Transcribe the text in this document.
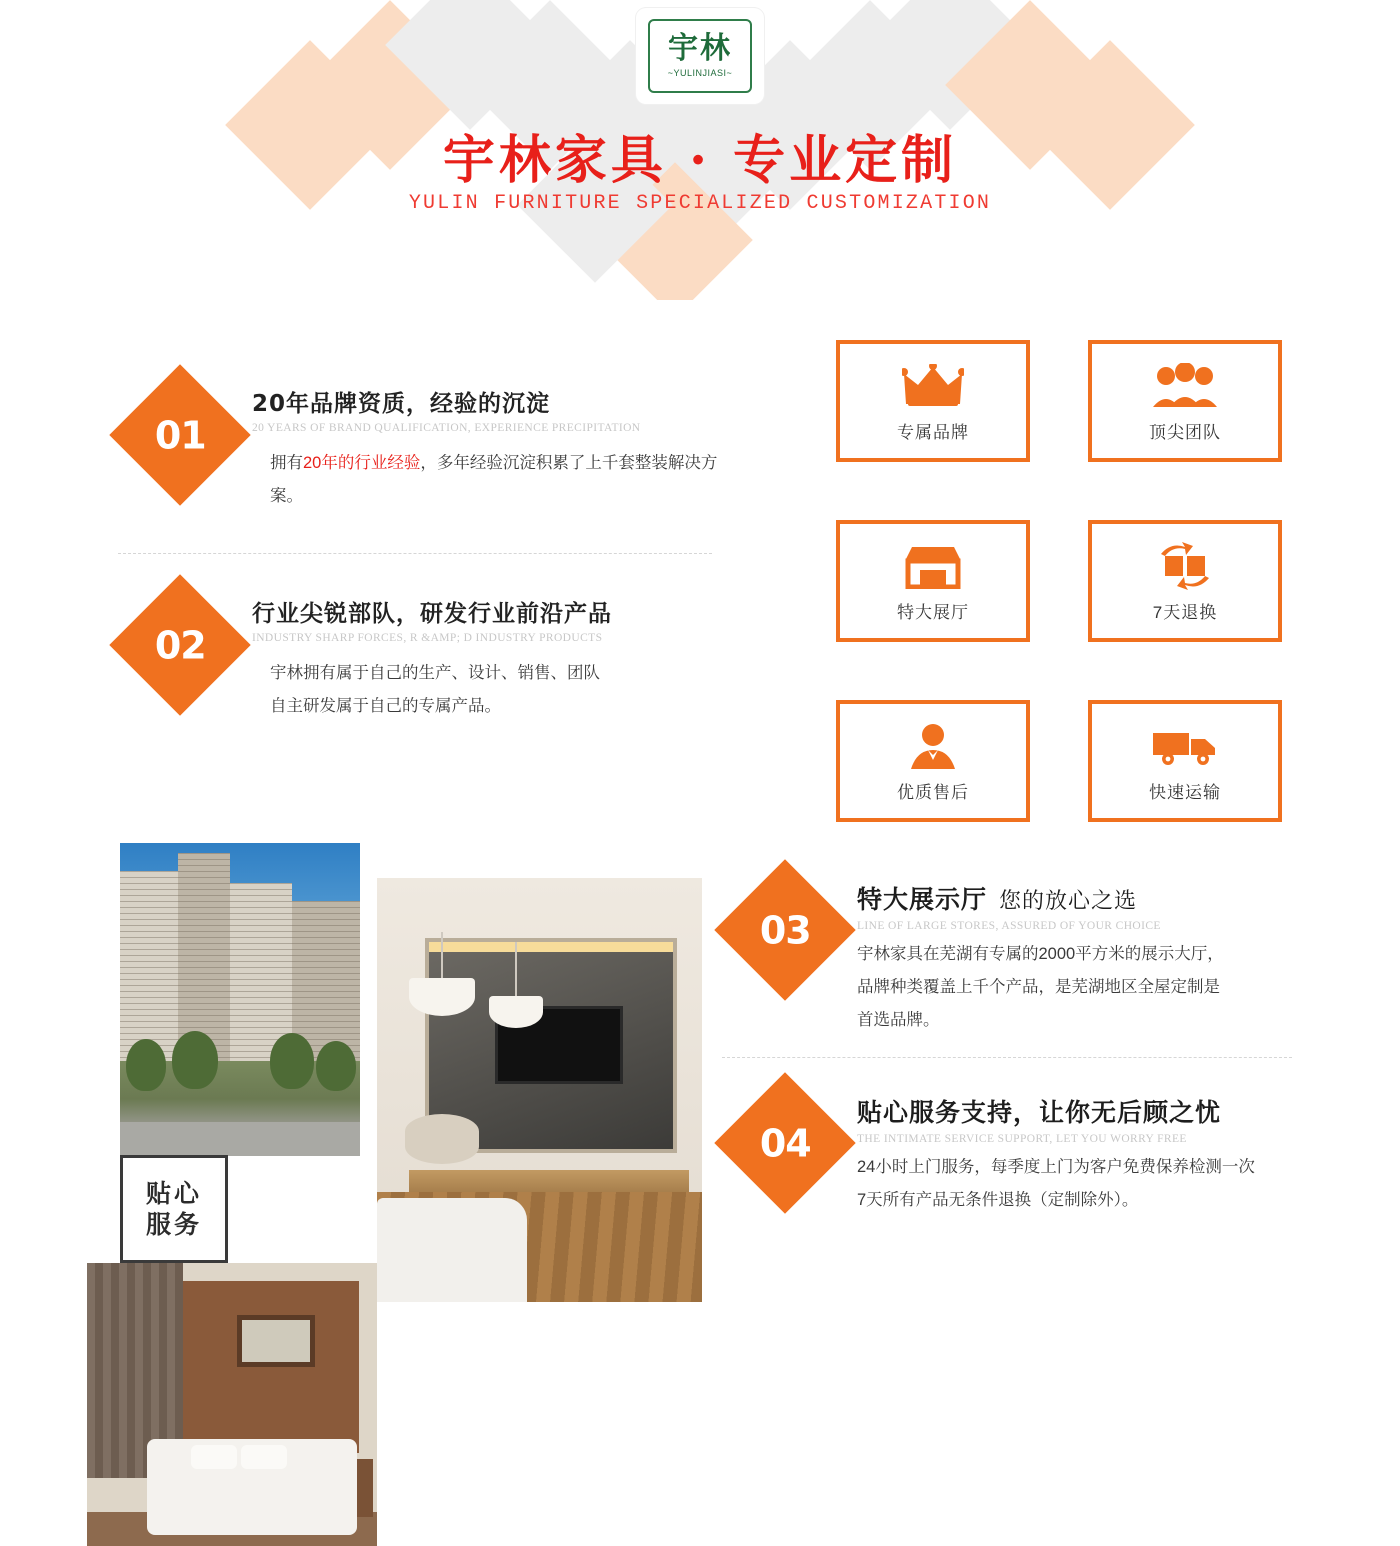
宇林
~YULINJIASI~
宇林家具 · 专业定制
YULIN FURNITURE SPECIALIZED CUSTOMIZATION
01
20年品牌资质，经验的沉淀
20 YEARS OF BRAND QUALIFICATION, EXPERIENCE PRECIPITATION
拥有20年的行业经验，多年经验沉淀积累了上千套整装解决方案。
02
行业尖锐部队，研发行业前沿产品
INDUSTRY SHARP FORCES, R &AMP; D INDUSTRY PRODUCTS
宇林拥有属于自己的生产、设计、销售、团队
自主研发属于自己的专属产品。
专属品牌	顶尖团队
特大展厅	7天退换
优质售后	快速运输
贴心
服务
03
特大展示厅 您的放心之选
LINE OF LARGE STORES, ASSURED OF YOUR CHOICE
宇林家具在芜湖有专属的2000平方米的展示大厅，
品牌种类覆盖上千个产品，是芜湖地区全屋定制是
首选品牌。
04
贴心服务支持，让你无后顾之忧
THE INTIMATE SERVICE SUPPORT, LET YOU WORRY FREE
24小时上门服务，每季度上门为客户免费保养检测一次
7天所有产品无条件退换（定制除外）。
